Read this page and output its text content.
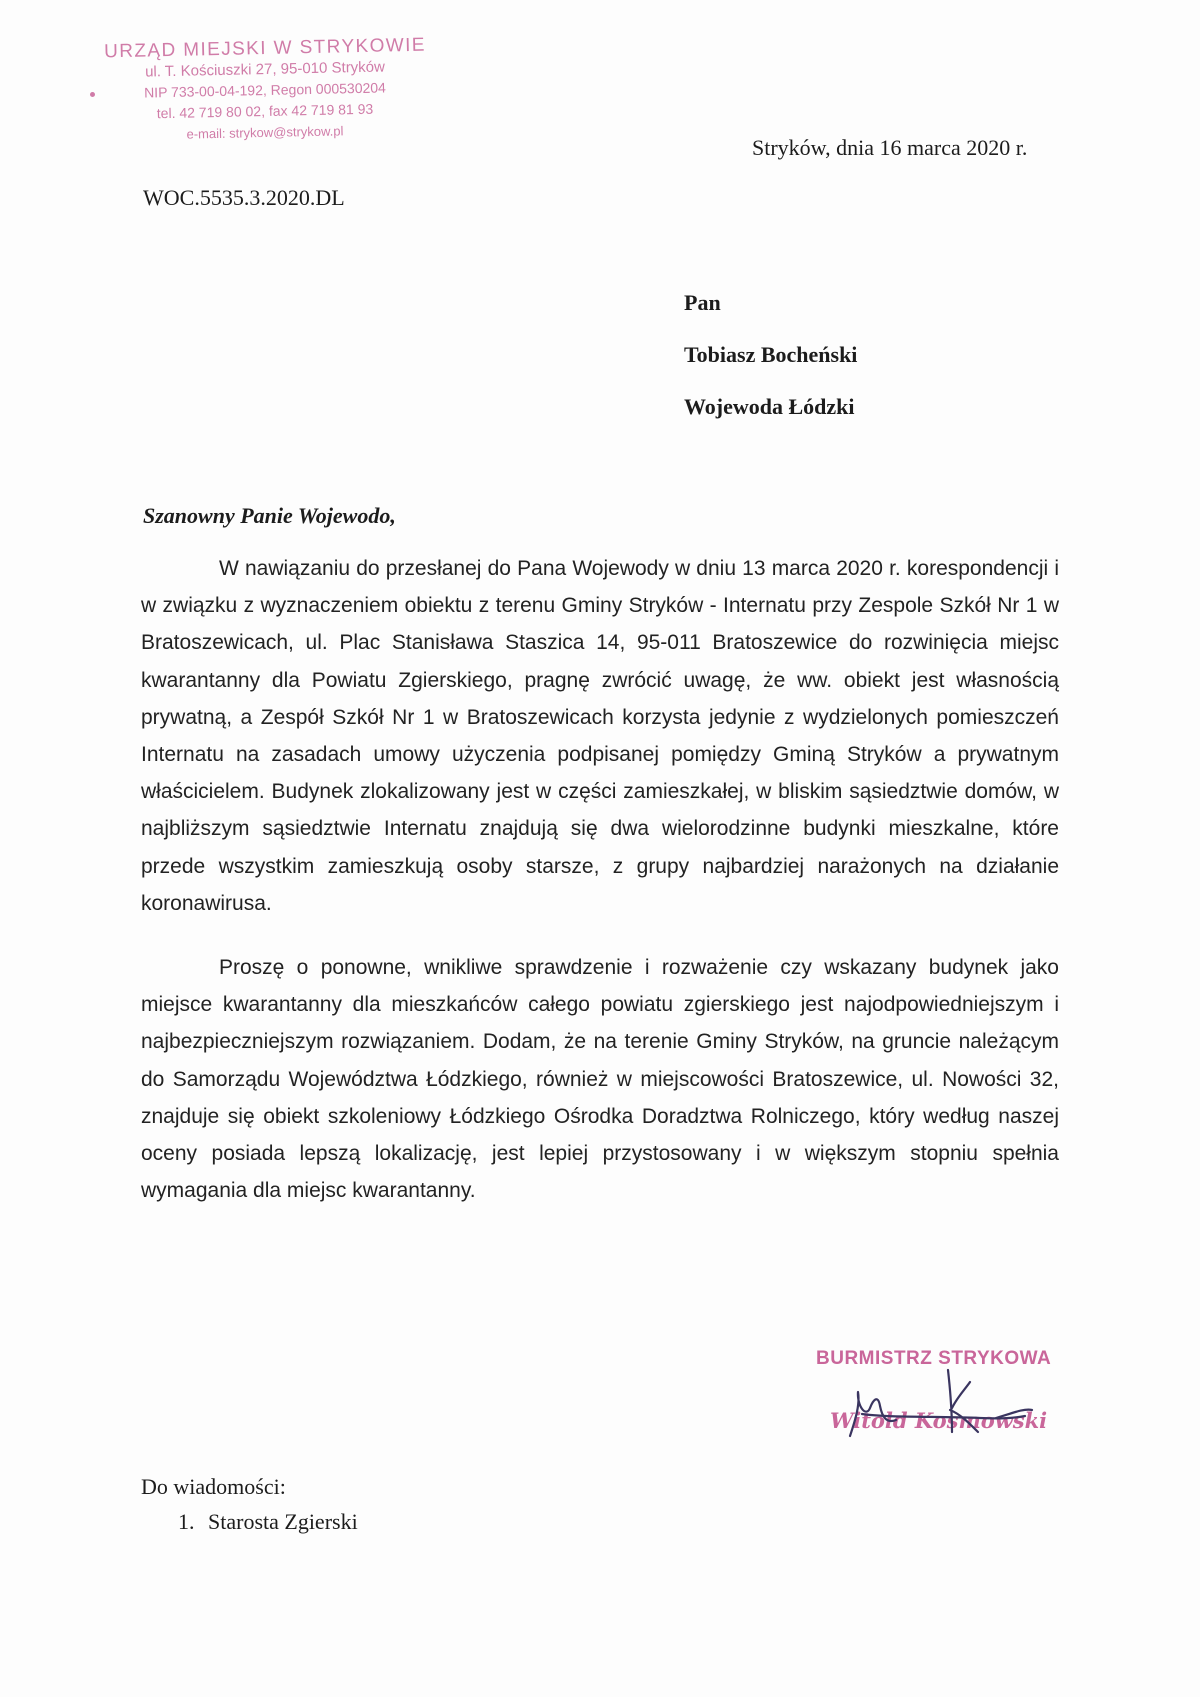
URZĄD MIEJSKI W STRYKOWIE
ul. T. Kościuszki 27, 95-010 Stryków
NIP 733-00-04-192, Regon 000530204
tel. 42 719 80 02, fax 42 719 81 93
e-mail: strykow@strykow.pl
Stryków, dnia 16 marca 2020 r.
WOC.5535.3.2020.DL
Pan
Tobiasz Bocheński
Wojewoda Łódzki
Szanowny Panie Wojewodo,

W nawiązaniu do przesłanej do Pana Wojewody w dniu 13 marca 2020 r. korespondencji i w związku z wyznaczeniem obiektu z terenu Gminy Stryków - Internatu przy Zespole Szkół Nr 1 w Bratoszewicach, ul. Plac Stanisława Staszica 14, 95-011 Bratoszewice do rozwinięcia miejsc kwarantanny dla Powiatu Zgierskiego, pragnę zwrócić uwagę, że ww. obiekt jest własnością prywatną, a Zespół Szkół Nr 1 w Bratoszewicach korzysta jedynie z wydzielonych pomieszczeń Internatu na zasadach umowy użyczenia podpisanej pomiędzy Gminą Stryków a prywatnym właścicielem. Budynek zlokalizowany jest w części zamieszkałej, w bliskim sąsiedztwie domów, w najbliższym sąsiedztwie Internatu znajdują się dwa wielorodzinne budynki mieszkalne, które przede wszystkim zamieszkują osoby starsze, z grupy najbardziej narażonych na działanie koronawirusa.

Proszę o ponowne, wnikliwe sprawdzenie i rozważenie czy wskazany budynek jako miejsce kwarantanny dla mieszkańców całego powiatu zgierskiego jest najodpowiedniejszym i najbezpieczniejszym rozwiązaniem. Dodam, że na terenie Gminy Stryków, na gruncie należącym do Samorządu Województwa Łódzkiego, również w miejscowości Bratoszewice, ul. Nowości 32, znajduje się obiekt szkoleniowy Łódzkiego Ośrodka Doradztwa Rolniczego, który według naszej oceny posiada lepszą lokalizację, jest lepiej przystosowany i w większym stopniu spełnia wymagania dla miejsc kwarantanny.

BURMISTRZ STRYKOWA
Witold Kosmowski
Do wiadomości:
1. Starosta Zgierski
